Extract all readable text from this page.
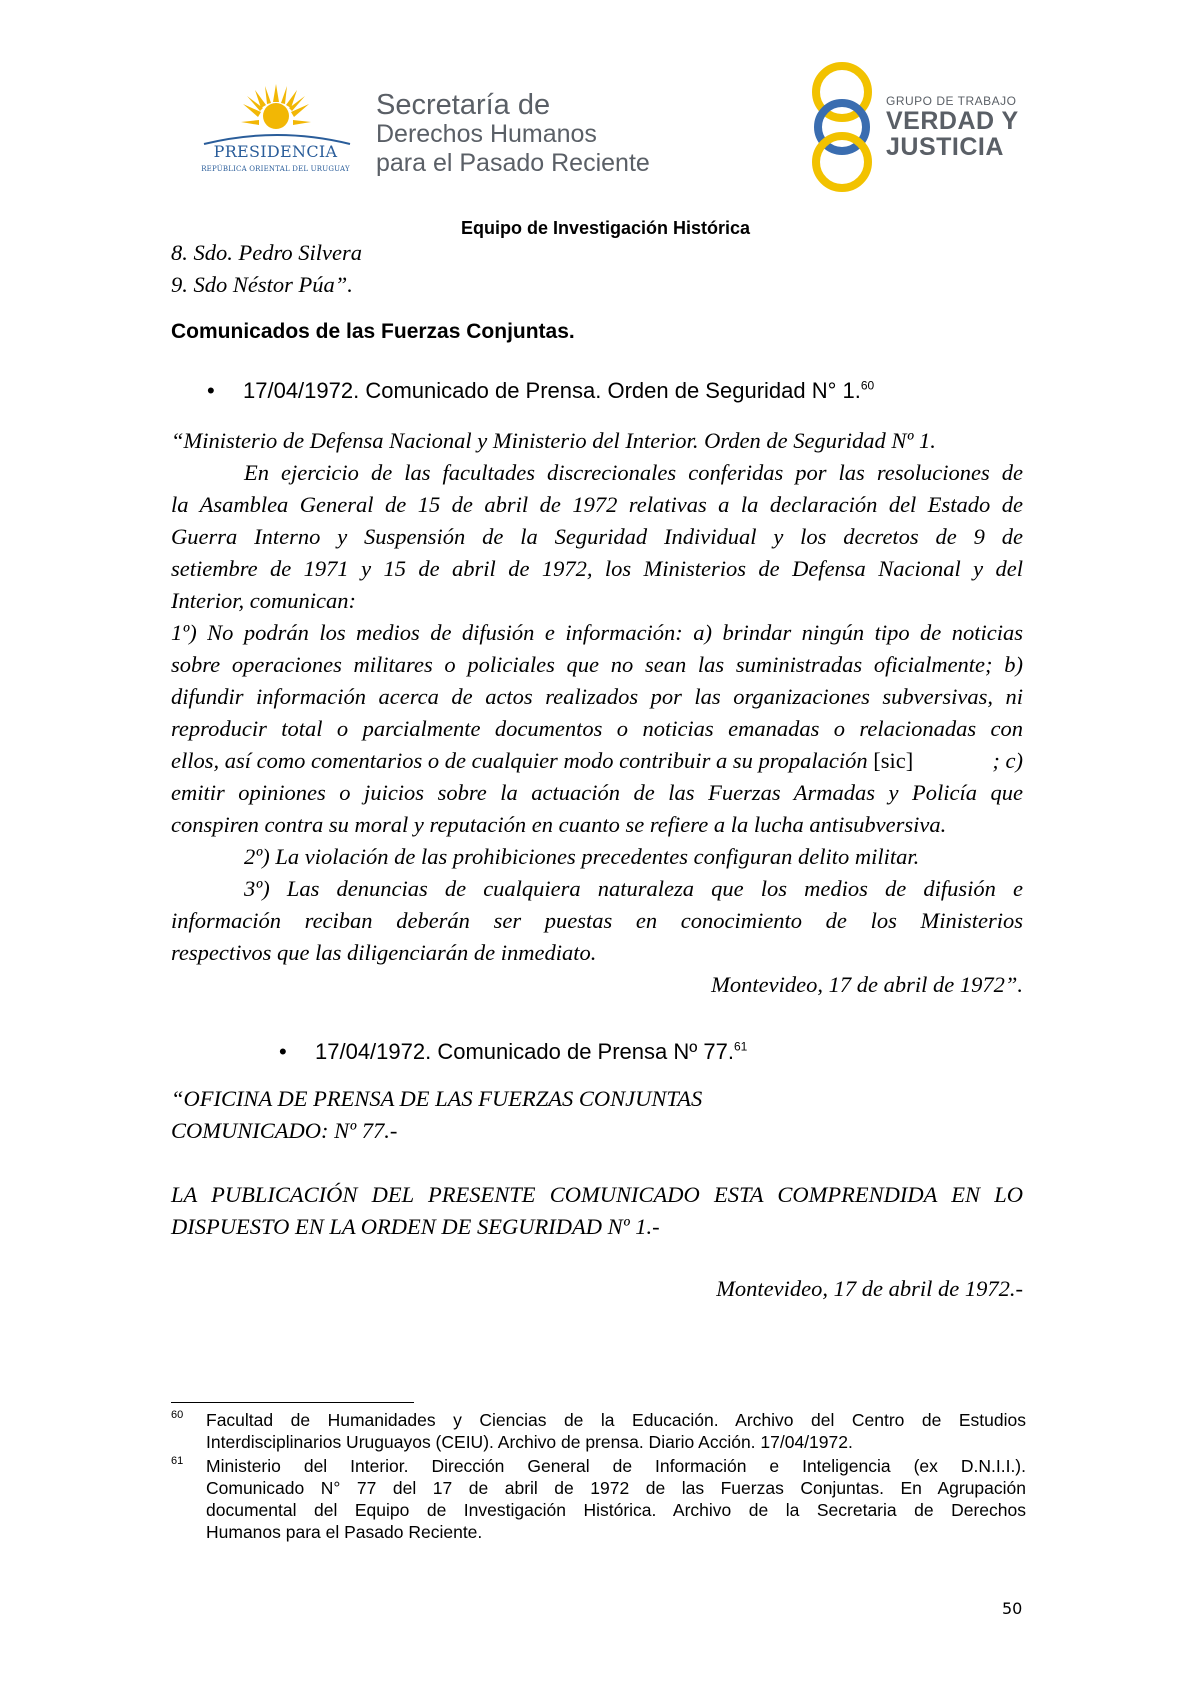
PRESIDENCIA
REPÚBLICA ORIENTAL DEL URUGUAY
Secretaría de
Derechos Humanos
para el Pasado Reciente
GRUPO DE TRABAJO
VERDAD Y
JUSTICIA
Equipo de Investigación Histórica
8. Sdo. Pedro Silvera
9. Sdo Néstor Púa”.
Comunicados de las Fuerzas Conjuntas.
• 17/04/1972. Comunicado de Prensa. Orden de Seguridad N° 1.60
“Ministerio de Defensa Nacional y Ministerio del Interior. Orden de Seguridad Nº 1.
En ejercicio de las facultades discrecionales conferidas por las resoluciones de
la Asamblea General de 15 de abril de 1972 relativas a la declaración del Estado de
Guerra Interno y Suspensión de la Seguridad Individual y los decretos de 9 de
setiembre de 1971 y 15 de abril de 1972, los Ministerios de Defensa Nacional y del
Interior, comunican:
1º) No podrán los medios de difusión e información: a) brindar ningún tipo de noticias
sobre operaciones militares o policiales que no sean las suministradas oficialmente; b)
difundir información acerca de actos realizados por las organizaciones subversivas, ni
reproducir total o parcialmente documentos o noticias emanadas o relacionadas con
ellos, así como comentarios o de cualquier modo contribuir a su propalación [sic]	; c)
emitir opiniones o juicios sobre la actuación de las Fuerzas Armadas y Policía que
conspiren contra su moral y reputación en cuanto se refiere a la lucha antisubversiva.
2º) La violación de las prohibiciones precedentes configuran delito militar.
3º) Las denuncias de cualquiera naturaleza que los medios de difusión e
información reciban deberán ser puestas en conocimiento de los Ministerios
respectivos que las diligenciarán de inmediato.
Montevideo, 17 de abril de 1972”.
• 17/04/1972. Comunicado de Prensa Nº 77.61
“OFICINA DE PRENSA DE LAS FUERZAS CONJUNTAS
COMUNICADO: Nº 77.-
LA PUBLICACIÓN DEL PRESENTE COMUNICADO ESTA COMPRENDIDA EN LO
DISPUESTO EN LA ORDEN DE SEGURIDAD Nº 1.-
Montevideo, 17 de abril de 1972.-
60 Facultad de Humanidades y Ciencias de la Educación. Archivo del Centro de Estudios
Interdisciplinarios Uruguayos (CEIU). Archivo de prensa. Diario Acción. 17/04/1972.
61 Ministerio del Interior. Dirección General de Información e Inteligencia (ex D.N.I.I.).
Comunicado N° 77 del 17 de abril de 1972 de las Fuerzas Conjuntas. En Agrupación
documental del Equipo de Investigación Histórica. Archivo de la Secretaria de Derechos
Humanos para el Pasado Reciente.
50
